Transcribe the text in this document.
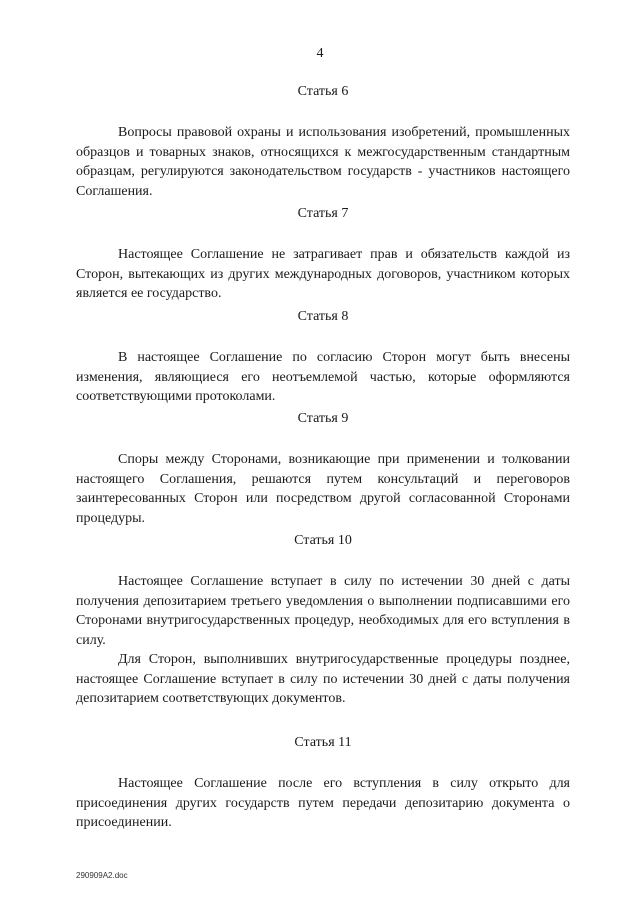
4

Статья 6

Вопросы правовой охраны и использования изобретений, промышленных образцов и товарных знаков, относящихся к межгосударственным стандартным образцам, регулируются законодательством государств - участников настоящего Соглашения.

Статья 7

Настоящее Соглашение не затрагивает прав и обязательств каждой из Сторон, вытекающих из других международных договоров, участником которых является ее государство.

Статья 8

В настоящее Соглашение по согласию Сторон могут быть внесены изменения, являющиеся его неотъемлемой частью, которые оформляются соответствующими протоколами.

Статья 9

Споры между Сторонами, возникающие при применении и толковании настоящего Соглашения, решаются путем консультаций и переговоров заинтересованных Сторон или посредством другой согласованной Сторонами процедуры.

Статья 10

Настоящее Соглашение вступает в силу по истечении 30 дней с даты получения депозитарием третьего уведомления о выполнении подписавшими его Сторонами внутригосударственных процедур, необходимых для его вступления в силу.

Для Сторон, выполнивших внутригосударственные процедуры позднее, настоящее Соглашение вступает в силу по истечении 30 дней с даты получения депозитарием соответствующих документов.

Статья 11

Настоящее Соглашение после его вступления в силу открыто для присоединения других государств путем передачи депозитарию документа о присоединении.

290909A2.doc
